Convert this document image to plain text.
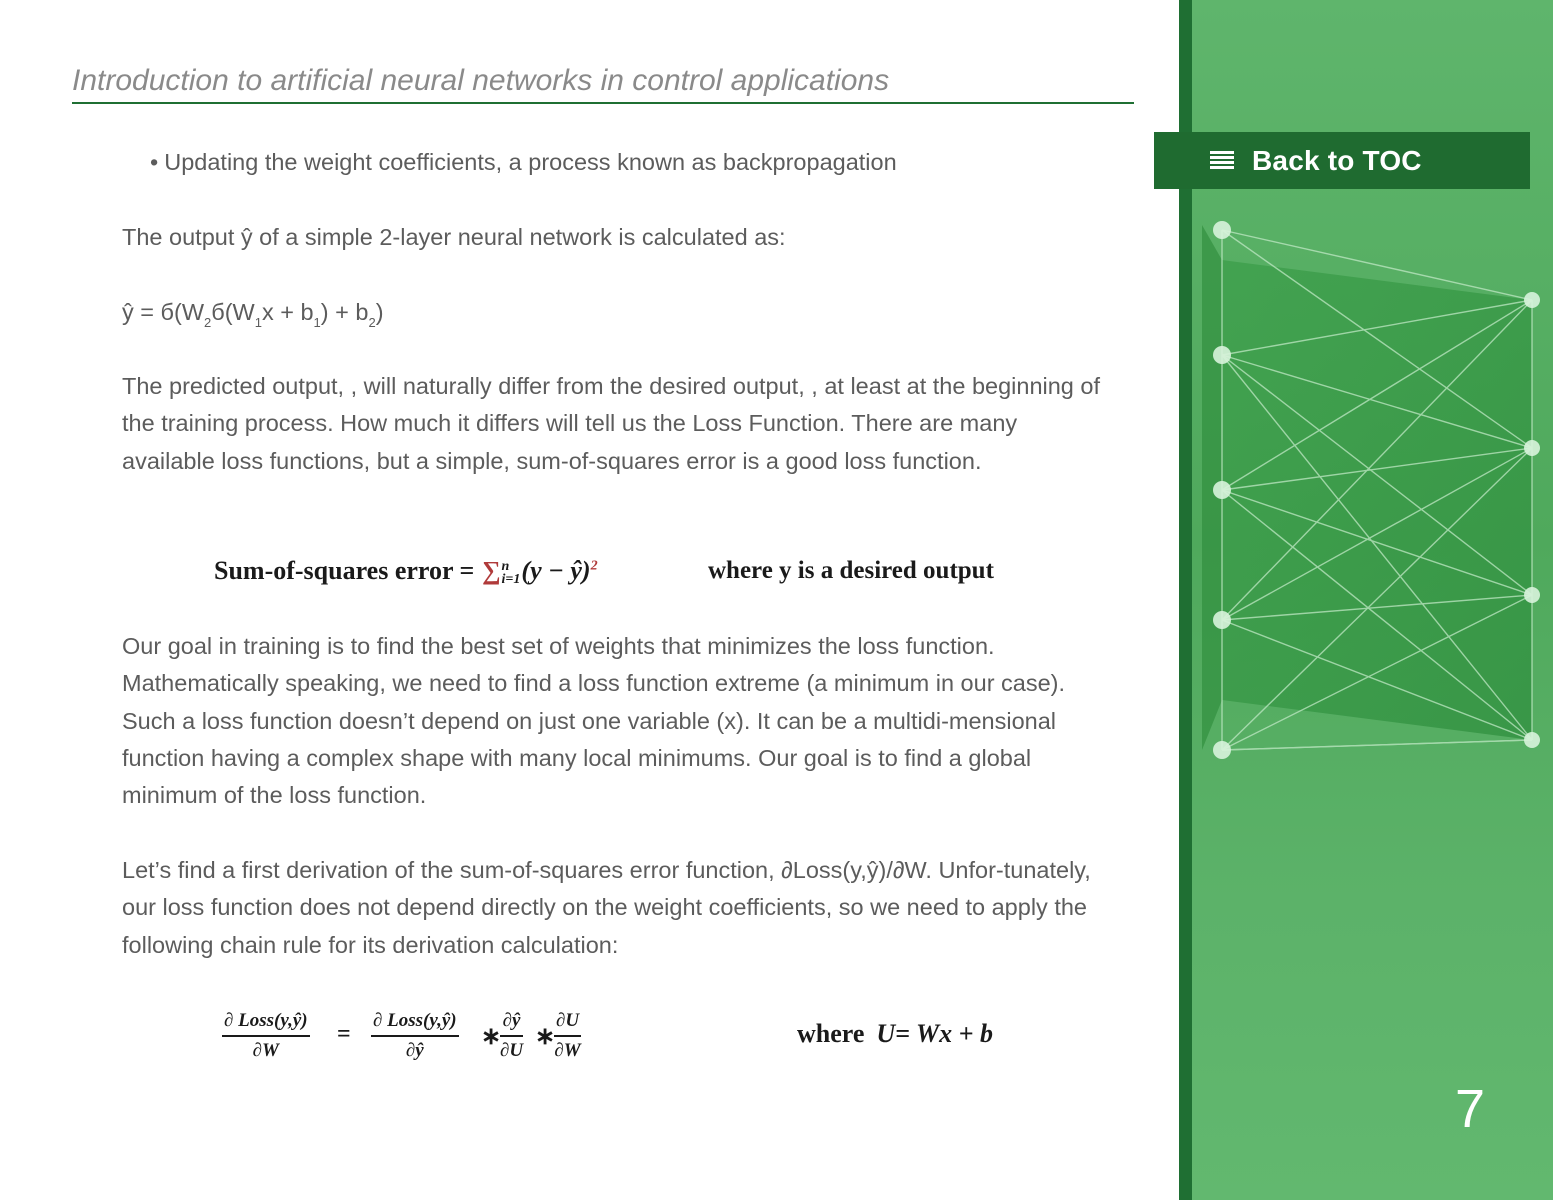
Introduction to artificial neural networks in control applications
• Updating the weight coefficients, a process known as backpropagation
The output ŷ of a simple 2-layer neural network is calculated as:
ŷ = $б(W_2б(W_1x + b_1) + b_2)$
The predicted output, , will naturally differ from the desired output, , at least at the beginning of the training process. How much it differs will tell us the Loss Function. There are many available loss functions, but a simple, sum-of-squares error is a good loss function.
Sum-of-squares error = ∑ n
i=1 (y − ŷ)$^2$	where y is a desired output
Our goal in training is to find the best set of weights that minimizes the loss function. Mathematically speaking, we need to find a loss function extreme (a minimum in our case). Such a loss function doesn’t depend on just one variable (x). It can be a multidi-mensional function having a complex shape with many local minimums. Our goal is to find a global minimum of the loss function.
Let’s find a first derivation of the sum-of-squares error function, ∂Loss(y,ŷ)/∂W. Unfor-tunately, our loss function does not depend directly on the weight coefficients, so we need to apply the following chain rule for its derivation calculation:
∂ Loss(y,ŷ)
∂W
=
∂ Loss(y,ŷ)
∂ŷ
∗
$\frac{\partial ŷ}{\partial U}$ ∗
$\frac{\partial U}{\partial W}$	where U= Wx + b
Back to TOC
7
